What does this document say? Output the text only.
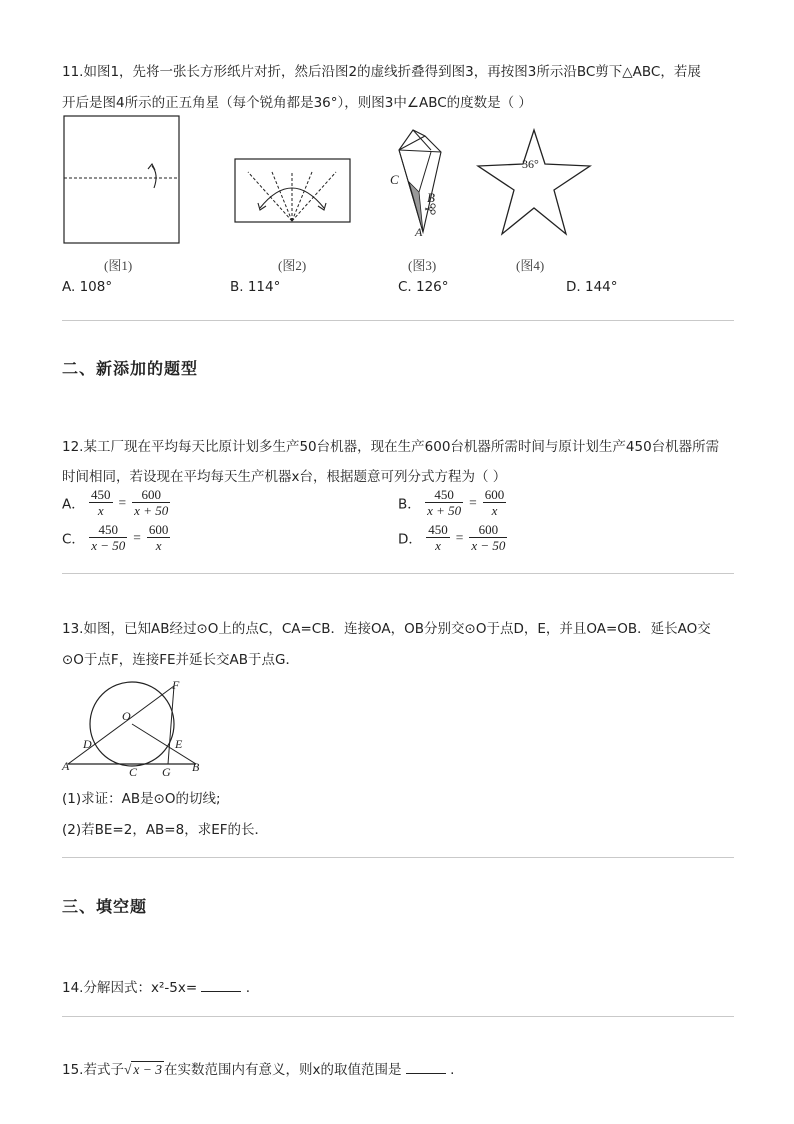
11.如图1，先将一张长方形纸片对折，然后沿图2的虚线折叠得到图3，再按图3所示沿BC剪下△ABC，若展
开后是图4所示的正五角星（每个锐角都是36°），则图3中∠ABC的度数是（ ）
C
B
A
36°
(图1)	(图2)	(图3)	(图4)
A. 108°	B. 114°	C. 126°	D. 144°
二、新添加的题型
12.某工厂现在平均每天比原计划多生产50台机器，现在生产600台机器所需时间与原计划生产450台机器所需
时间相同，若设现在平均每天生产机器x台，根据题意可列分式方程为（ ）
A． $\frac{450}{x} = \frac{600}{x + 50}$	B． $\frac{450}{x + 50} = \frac{600}{x}$
C． $\frac{450}{x - 50} = \frac{600}{x}$	D． $\frac{450}{x} = \frac{600}{x - 50}$
13.如图，已知AB经过⊙O上的点C，CA=CB．连接OA，OB分别交⊙O于点D，E，并且OA=OB．延长AO交
⊙O于点F，连接FE并延长交AB于点G．
F
O
D	E
A	C G B
(1)求证：AB是⊙O的切线;
(2)若BE=2，AB=8，求EF的长．
三、填空题
14.分解因式：x²-5x=	.
15.若式子√ x − 3 在实数范围内有意义，则x的取值范围是	.
